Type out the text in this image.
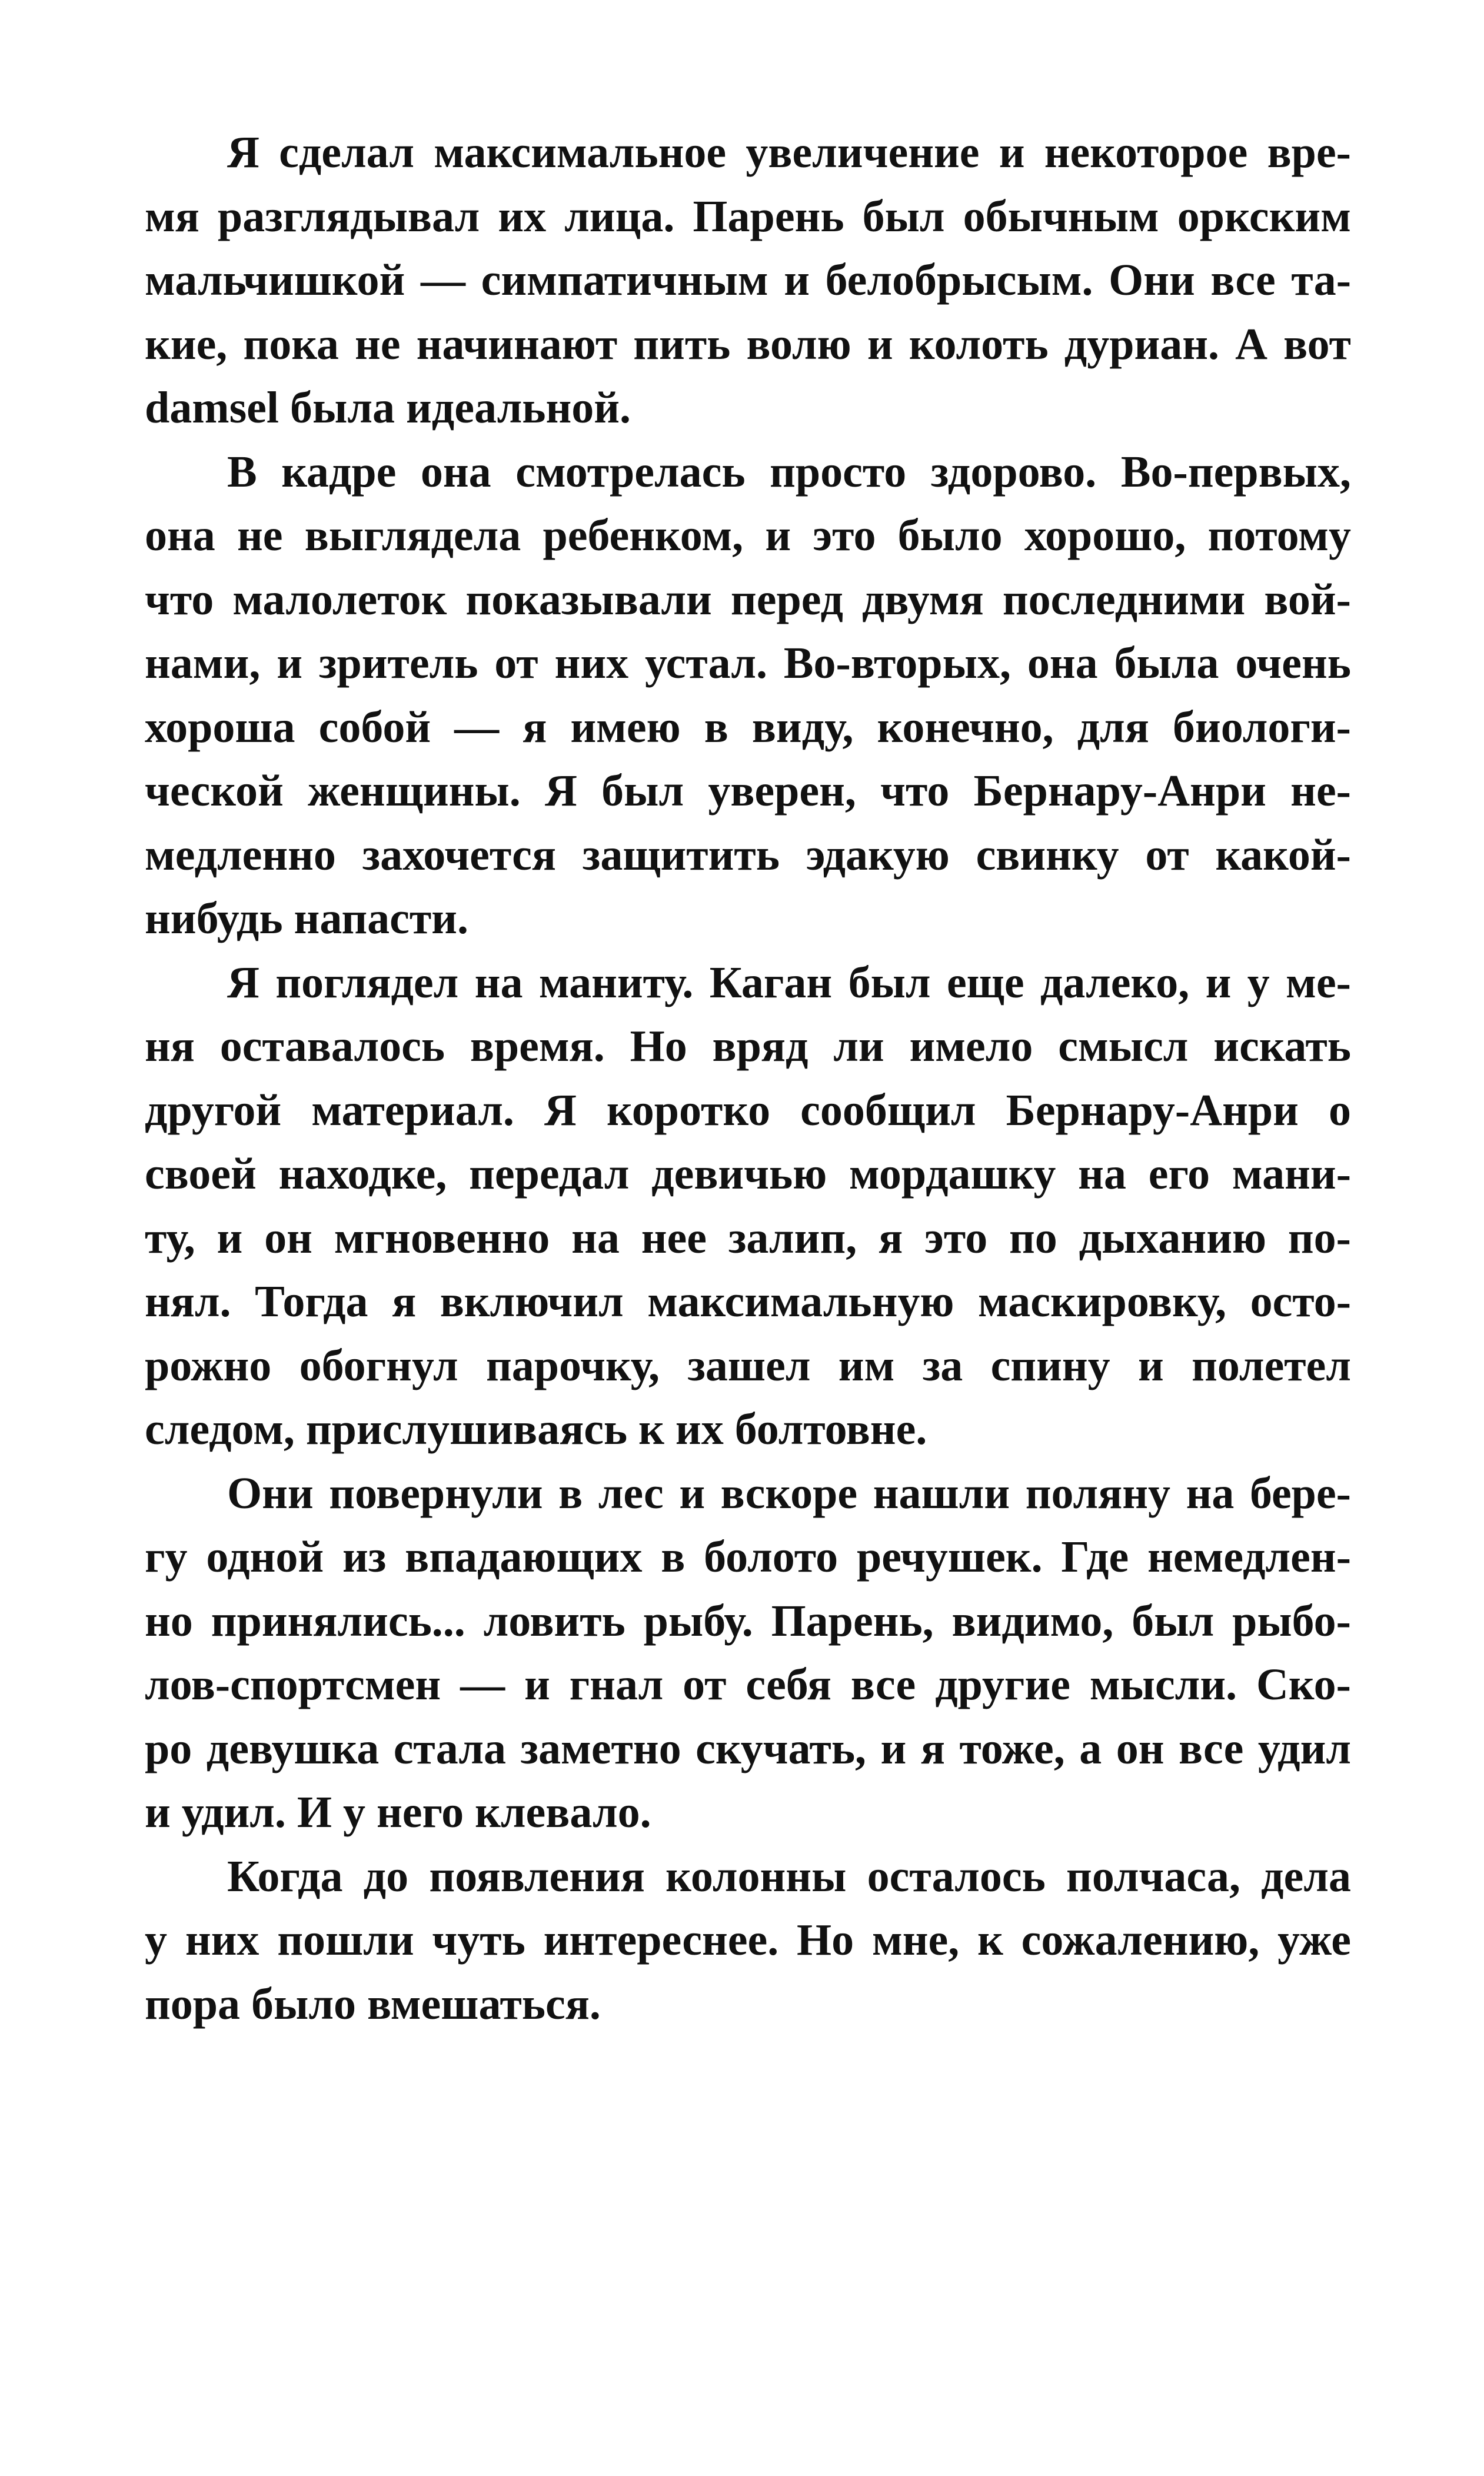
Я сделал максимальное увеличение и некоторое вре-
мя разглядывал их лица. Парень был обычным оркским
мальчишкой — симпатичным и белобрысым. Они все та-
кие, пока не начинают пить волю и колоть дуриан. А вот
damsel была идеальной.
В кадре она смотрелась просто здорово. Во-первых,
она не выглядела ребенком, и это было хорошо, потому
что малолеток показывали перед двумя последними вой-
нами, и зритель от них устал. Во-вторых, она была очень
хороша собой — я имею в виду, конечно, для биологи-
ческой женщины. Я был уверен, что Бернару-Анри не-
медленно захочется защитить эдакую свинку от какой-
нибудь напасти.
Я поглядел на маниту. Каган был еще далеко, и у ме-
ня оставалось время. Но вряд ли имело смысл искать
другой материал. Я коротко сообщил Бернару-Анри о
своей находке, передал девичью мордашку на его мани-
ту, и он мгновенно на нее залип, я это по дыханию по-
нял. Тогда я включил максимальную маскировку, осто-
рожно обогнул парочку, зашел им за спину и полетел
следом, прислушиваясь к их болтовне.
Они повернули в лес и вскоре нашли поляну на бере-
гу одной из впадающих в болото речушек. Где немедлен-
но принялись... ловить рыбу. Парень, видимо, был рыбо-
лов-спортсмен — и гнал от себя все другие мысли. Ско-
ро девушка стала заметно скучать, и я тоже, а он все удил
и удил. И у него клевало.
Когда до появления колонны осталось полчаса, дела
у них пошли чуть интереснее. Но мне, к сожалению, уже
пора было вмешаться.
